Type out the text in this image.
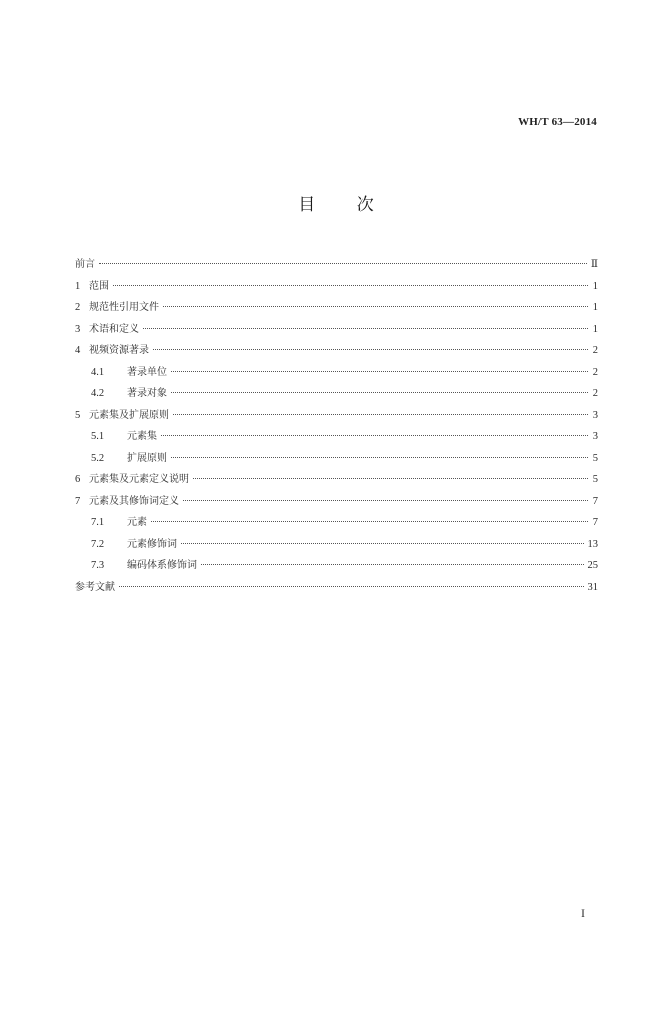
WH/T 63—2014
目 次
前言	Ⅱ
1 范围	1
2 规范性引用文件	1
3 术语和定义	1
4 视频资源著录	2
4.1	著录单位	2
4.2	著录对象	2
5 元素集及扩展原则	3
5.1	元素集	3
5.2	扩展原则	5
6 元素集及元素定义说明	5
7 元素及其修饰词定义	7
7.1	元素	7
7.2	元素修饰词	13
7.3	编码体系修饰词	25
参考文献	31
I
